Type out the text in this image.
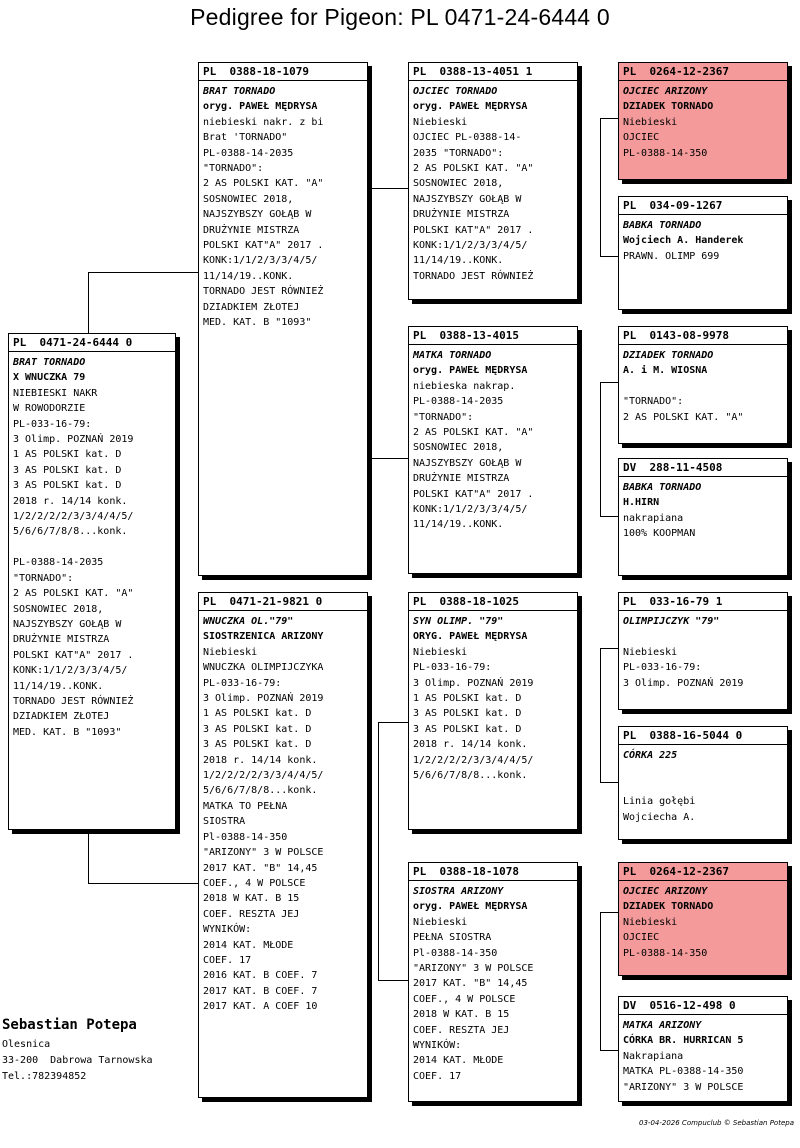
Pedigree for Pigeon: PL 0471-24-6444 0
PL  0471-24-6444 0
BRAT TORNADO
X WNUCZKA 79
NIEBIESKI NAKR
W ROWODORZIE
PL-033-16-79:
3 Olimp. POZNAŃ 2019
1 AS POLSKI kat. D
3 AS POLSKI kat. D
3 AS POLSKI kat. D
2018 r. 14/14 konk.
1/2/2/2/2/3/3/4/4/5/
5/6/6/7/8/8...konk.

PL-0388-14-2035
"TORNADO":
2 AS POLSKI KAT. "A"
SOSNOWIEC 2018,
NAJSZYBSZY GOŁĄB W
DRUŻYNIE MISTRZA
POLSKI KAT"A" 2017 .
KONK:1/1/2/3/3/4/5/
11/14/19..KONK.
TORNADO JEST RÓWNIEŻ
DZIADKIEM ZŁOTEJ
MED. KAT. B "1093"
PL  0388-18-1079
BRAT TORNADO
oryg. PAWEŁ MĘDRYSA
niebieski nakr. z bi
Brat 'TORNADO"
PL-0388-14-2035
"TORNADO":
2 AS POLSKI KAT. "A"
SOSNOWIEC 2018,
NAJSZYBSZY GOŁĄB W
DRUŻYNIE MISTRZA
POLSKI KAT"A" 2017 .
KONK:1/1/2/3/3/4/5/
11/14/19..KONK.
TORNADO JEST RÓWNIEŻ
DZIADKIEM ZŁOTEJ
MED. KAT. B "1093"
PL  0471-21-9821 0
WNUCZKA OL."79"
SIOSTRZENICA ARIZONY
Niebieski
WNUCZKA OLIMPIJCZYKA
PL-033-16-79:
3 Olimp. POZNAŃ 2019
1 AS POLSKI kat. D
3 AS POLSKI kat. D
3 AS POLSKI kat. D
2018 r. 14/14 konk.
1/2/2/2/2/3/3/4/4/5/
5/6/6/7/8/8...konk.
MATKA TO PEŁNA
SIOSTRA
Pl-0388-14-350
"ARIZONY" 3 W POLSCE
2017 KAT. "B" 14,45
COEF., 4 W POLSCE
2018 W KAT. B 15
COEF. RESZTA JEJ
WYNIKÓW:
2014 KAT. MŁODE
COEF. 17
2016 KAT. B COEF. 7
2017 KAT. B COEF. 7
2017 KAT. A COEF 10
PL  0388-13-4051 1
OJCIEC TORNADO
oryg. PAWEŁ MĘDRYSA
Niebieski
OJCIEC PL-0388-14-
2035 "TORNADO":
2 AS POLSKI KAT. "A"
SOSNOWIEC 2018,
NAJSZYBSZY GOŁĄB W
DRUŻYNIE MISTRZA
POLSKI KAT"A" 2017 .
KONK:1/1/2/3/3/4/5/
11/14/19..KONK.
TORNADO JEST RÓWNIEŻ
PL  0388-13-4015
MATKA TORNADO
oryg. PAWEŁ MĘDRYSA
niebieska nakrap.
PL-0388-14-2035
"TORNADO":
2 AS POLSKI KAT. "A"
SOSNOWIEC 2018,
NAJSZYBSZY GOŁĄB W
DRUŻYNIE MISTRZA
POLSKI KAT"A" 2017 .
KONK:1/1/2/3/3/4/5/
11/14/19..KONK.
PL  0388-18-1025
SYN OLIMP. "79"
ORYG. PAWEŁ MĘDRYSA
Niebieski
PL-033-16-79:
3 Olimp. POZNAŃ 2019
1 AS POLSKI kat. D
3 AS POLSKI kat. D
3 AS POLSKI kat. D
2018 r. 14/14 konk.
1/2/2/2/2/3/3/4/4/5/
5/6/6/7/8/8...konk.
PL  0388-18-1078
SIOSTRA ARIZONY
oryg. PAWEŁ MĘDRYSA
Niebieski
PEŁNA SIOSTRA
Pl-0388-14-350
"ARIZONY" 3 W POLSCE
2017 KAT. "B" 14,45
COEF., 4 W POLSCE
2018 W KAT. B 15
COEF. RESZTA JEJ
WYNIKÓW:
2014 KAT. MŁODE
COEF. 17
PL  0264-12-2367
OJCIEC ARIZONY
DZIADEK TORNADO
Niebieski
OJCIEC
PL-0388-14-350
PL  034-09-1267
BABKA TORNADO
Wojciech A. Handerek
PRAWN. OLIMP 699
PL  0143-08-9978
DZIADEK TORNADO
A. i M. WIOSNA

"TORNADO":
2 AS POLSKI KAT. "A"
DV  288-11-4508
BABKA TORNADO
H.HIRN
nakrapiana
100% KOOPMAN
PL  033-16-79 1
OLIMPIJCZYK "79"

Niebieski
PL-033-16-79:
3 Olimp. POZNAŃ 2019
PL  0388-16-5044 0
CÓRKA 225

Linia gołębi
Wojciecha A.
PL  0264-12-2367
OJCIEC ARIZONY
DZIADEK TORNADO
Niebieski
OJCIEC
PL-0388-14-350
DV  0516-12-498 0
MATKA ARIZONY
CÓRKA BR. HURRICAN 5
Nakrapiana
MATKA PL-0388-14-350
"ARIZONY" 3 W POLSCE
Sebastian Potepa
Olesnica
33-200  Dabrowa Tarnowska
Tel.:782394852
03-04-2026 Compuclub © Sebastian Potepa
